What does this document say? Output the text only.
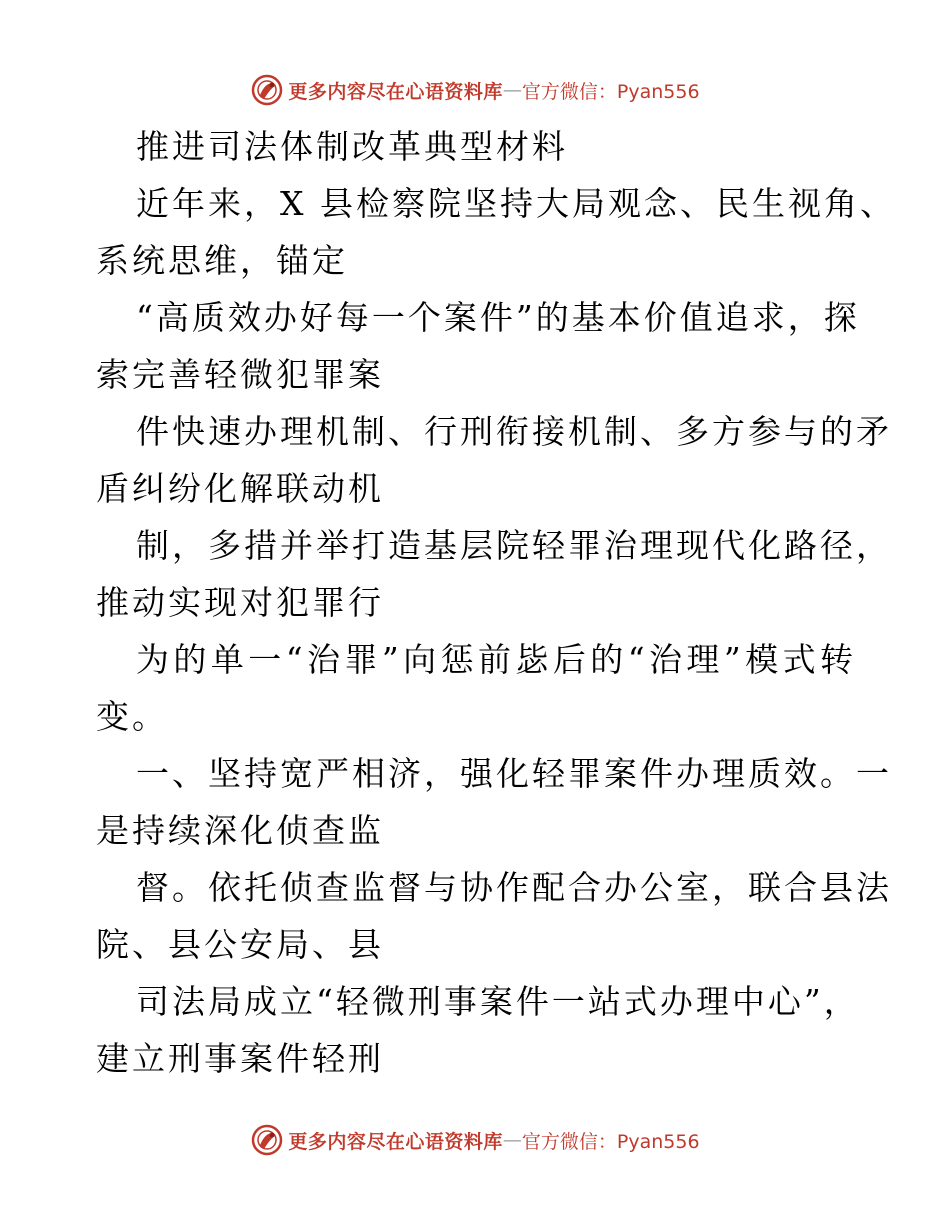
更多内容尽在心语资料库 — 官方微信：Pyan556
推进司法体制改革典型材料
近年来，X 县检察院坚持大局观念、民生视角、
系统思维，锚定
“高质效办好每一个案件”的基本价值追求，探
索完善轻微犯罪案
件快速办理机制、行刑衔接机制、多方参与的矛
盾纠纷化解联动机
制，多措并举打造基层院轻罪治理现代化路径，
推动实现对犯罪行
为的单一“治罪”向惩前毖后的“治理”模式转
变。
一、坚持宽严相济，强化轻罪案件办理质效。一
是持续深化侦查监
督。依托侦查监督与协作配合办公室，联合县法
院、县公安局、县
司法局成立“轻微刑事案件一站式办理中心”，
建立刑事案件轻刑
更多内容尽在心语资料库 — 官方微信：Pyan556
